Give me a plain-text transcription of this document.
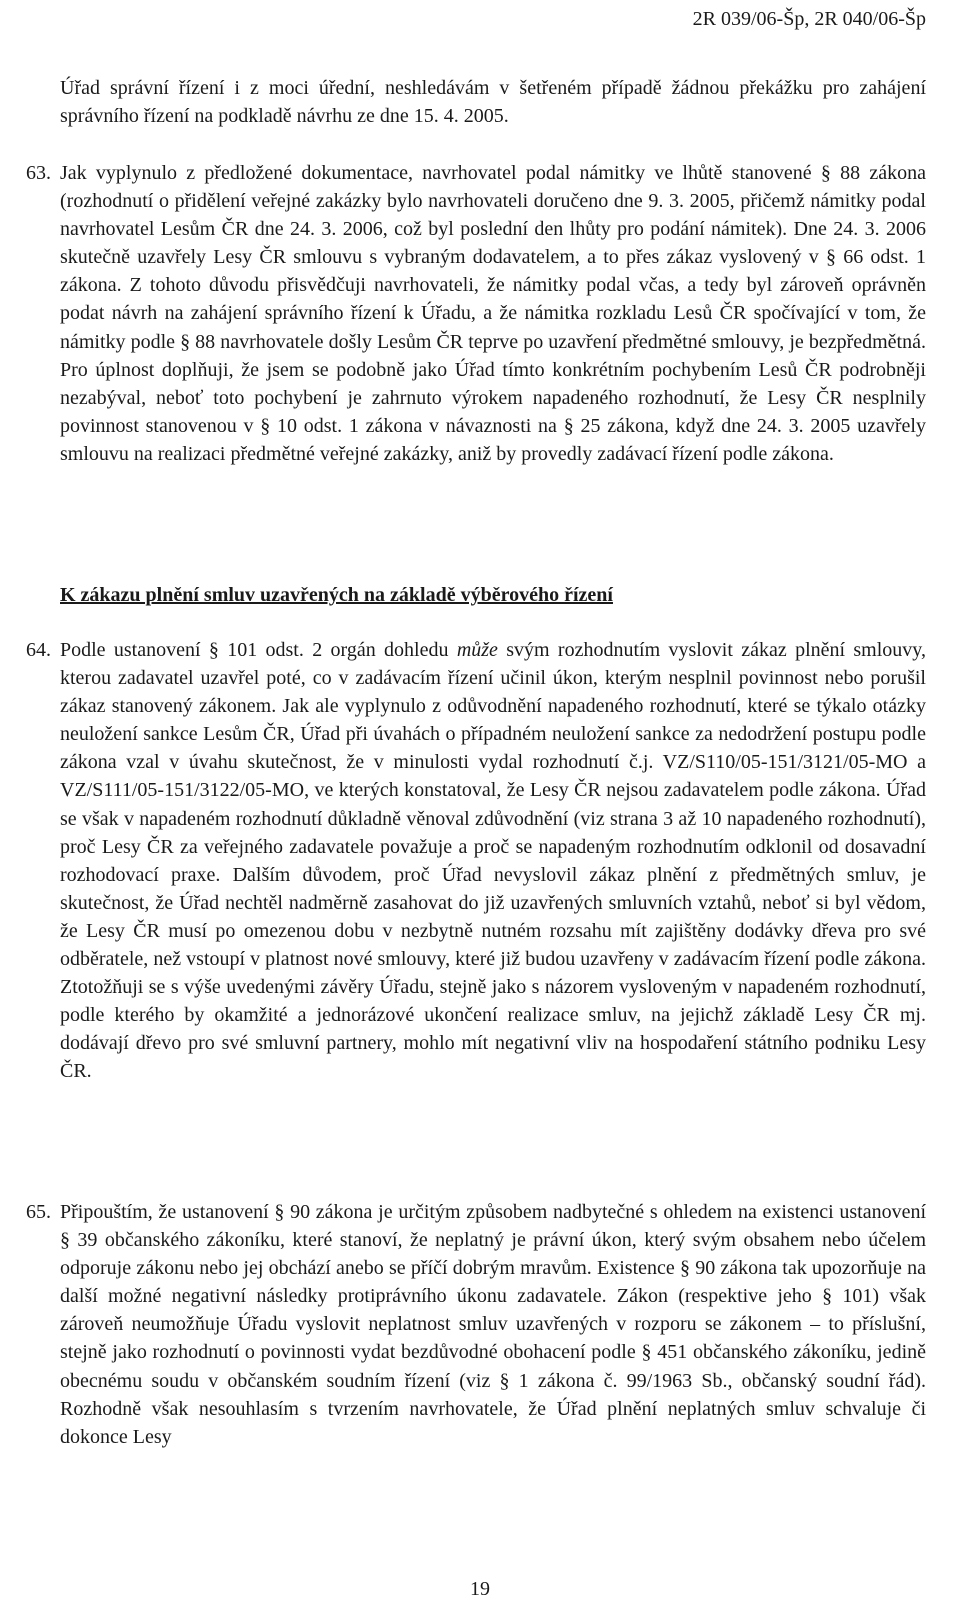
2R 039/06-Šp, 2R 040/06-Šp

Úřad správní řízení i z moci úřední, neshledávám v šetřeném případě žádnou překážku pro zahájení správního řízení na podkladě návrhu ze dne 15. 4. 2005.

63. Jak vyplynulo z předložené dokumentace, navrhovatel podal námitky ve lhůtě stanovené § 88 zákona (rozhodnutí o přidělení veřejné zakázky bylo navrhovateli doručeno dne 9. 3. 2005, přičemž námitky podal navrhovatel Lesům ČR dne 24. 3. 2006, což byl poslední den lhůty pro podání námitek). Dne 24. 3. 2006 skutečně uzavřely Lesy ČR smlouvu s vybraným dodavatelem, a to přes zákaz vyslovený v § 66 odst. 1 zákona. Z tohoto důvodu přisvědčuji navrhovateli, že námitky podal včas, a tedy byl zároveň oprávněn podat návrh na zahájení správního řízení k Úřadu, a že námitka rozkladu Lesů ČR spočívající v tom, že námitky podle § 88 navrhovatele došly Lesům ČR teprve po uzavření předmětné smlouvy, je bezpředmětná. Pro úplnost doplňuji, že jsem se podobně jako Úřad tímto konkrétním pochybením Lesů ČR podrobněji nezabýval, neboť toto pochybení je zahrnuto výrokem napadeného rozhodnutí, že Lesy ČR nesplnily povinnost stanovenou v § 10 odst. 1 zákona v návaznosti na § 25 zákona, když dne 24. 3. 2005 uzavřely smlouvu na realizaci předmětné veřejné zakázky, aniž by provedly zadávací řízení podle zákona.
K zákazu plnění smluv uzavřených na základě výběrového řízení
64. Podle ustanovení § 101 odst. 2 orgán dohledu může svým rozhodnutím vyslovit zákaz plnění smlouvy, kterou zadavatel uzavřel poté, co v zadávacím řízení učinil úkon, kterým nesplnil povinnost nebo porušil zákaz stanovený zákonem. Jak ale vyplynulo z odůvodnění napadeného rozhodnutí, které se týkalo otázky neuložení sankce Lesům ČR, Úřad při úvahách o případném neuložení sankce za nedodržení postupu podle zákona vzal v úvahu skutečnost, že v minulosti vydal rozhodnutí č.j. VZ/S110/05-151/3121/05-MO a VZ/S111/05-151/3122/05-MO, ve kterých konstatoval, že Lesy ČR nejsou zadavatelem podle zákona. Úřad se však v napadeném rozhodnutí důkladně věnoval zdůvodnění (viz strana 3 až 10 napadeného rozhodnutí), proč Lesy ČR za veřejného zadavatele považuje a proč se napadeným rozhodnutím odklonil od dosavadní rozhodovací praxe. Dalším důvodem, proč Úřad nevyslovil zákaz plnění z předmětných smluv, je skutečnost, že Úřad nechtěl nadměrně zasahovat do již uzavřených smluvních vztahů, neboť si byl vědom, že Lesy ČR musí po omezenou dobu v nezbytně nutném rozsahu mít zajištěny dodávky dřeva pro své odběratele, než vstoupí v platnost nové smlouvy, které již budou uzavřeny v zadávacím řízení podle zákona. Ztotožňuji se s výše uvedenými závěry Úřadu, stejně jako s názorem vysloveným v napadeném rozhodnutí, podle kterého by okamžité a jednorázové ukončení realizace smluv, na jejichž základě Lesy ČR mj. dodávají dřevo pro své smluvní partnery, mohlo mít negativní vliv na hospodaření státního podniku Lesy ČR.
65. Připouštím, že ustanovení § 90 zákona je určitým způsobem nadbytečné s ohledem na existenci ustanovení § 39 občanského zákoníku, které stanoví, že neplatný je právní úkon, který svým obsahem nebo účelem odporuje zákonu nebo jej obchází anebo se příčí dobrým mravům. Existence § 90 zákona tak upozorňuje na další možné negativní následky protiprávního úkonu zadavatele. Zákon (respektive jeho § 101) však zároveň neumožňuje Úřadu vyslovit neplatnost smluv uzavřených v rozporu se zákonem – to příslušní, stejně jako rozhodnutí o povinnosti vydat bezdůvodné obohacení podle § 451 občanského zákoníku, jedině obecnému soudu v občanském soudním řízení (viz § 1 zákona č. 99/1963 Sb., občanský soudní řád). Rozhodně však nesouhlasím s tvrzením navrhovatele, že Úřad plnění neplatných smluv schvaluje či dokonce Lesy
19
